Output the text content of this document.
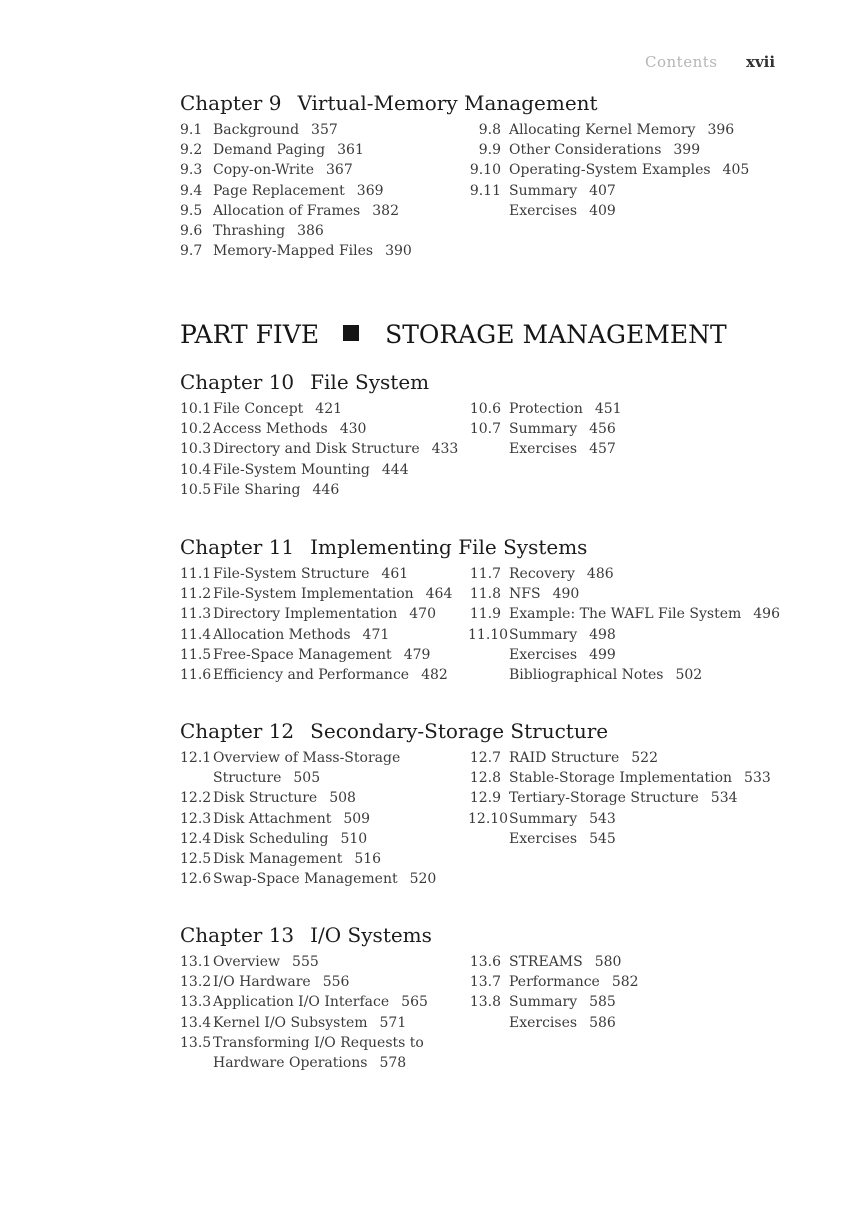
Contents xvii
Chapter 9 Virtual-Memory Management
9.1 Background 357
9.2 Demand Paging 361
9.3 Copy-on-Write 367
9.4 Page Replacement 369
9.5 Allocation of Frames 382
9.6 Thrashing 386
9.7 Memory-Mapped Files 390
9.8 Allocating Kernel Memory 396
9.9 Other Considerations 399
9.10 Operating-System Examples 405
9.11 Summary 407
Exercises 409
PART FIVE	STORAGE MANAGEMENT
Chapter 10 File System
10.1 File Concept 421
10.2 Access Methods 430
10.3 Directory and Disk Structure 433
10.4 File-System Mounting 444
10.5 File Sharing 446
10.6 Protection 451
10.7 Summary 456
Exercises 457
Chapter 11 Implementing File Systems
11.1 File-System Structure 461
11.2 File-System Implementation 464
11.3 Directory Implementation 470
11.4 Allocation Methods 471
11.5 Free-Space Management 479
11.6 Efficiency and Performance 482
11.7 Recovery 486
11.8 NFS 490
11.9 Example: The WAFL File System 496
11.10Summary 498
Exercises 499
Bibliographical Notes 502
Chapter 12 Secondary-Storage Structure
12.1 Overview of Mass-Storage
Structure 505
12.2 Disk Structure 508
12.3 Disk Attachment 509
12.4 Disk Scheduling 510
12.5 Disk Management 516
12.6 Swap-Space Management 520
12.7 RAID Structure 522
12.8 Stable-Storage Implementation 533
12.9 Tertiary-Storage Structure 534
12.10Summary 543
Exercises 545
Chapter 13 I/O Systems
13.1 Overview 555
13.2 I/O Hardware 556
13.3 Application I/O Interface 565
13.4 Kernel I/O Subsystem 571
13.5 Transforming I/O Requests to
Hardware Operations 578
13.6 STREAMS 580
13.7 Performance 582
13.8 Summary 585
Exercises 586
